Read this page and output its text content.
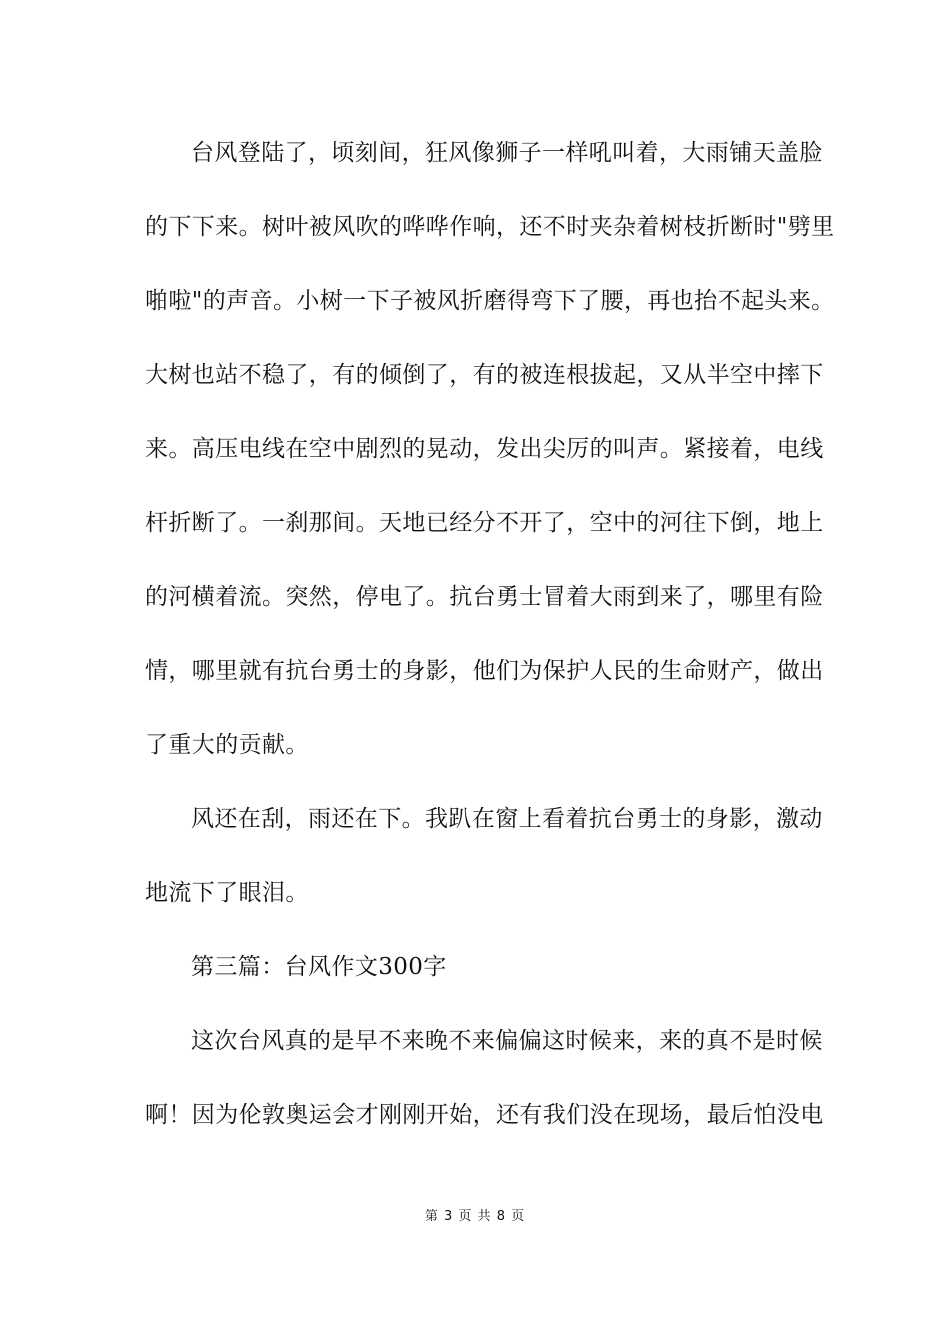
台风登陆了，顷刻间，狂风像狮子一样吼叫着，大雨铺天盖脸
的下下来。树叶被风吹的哗哗作响，还不时夹杂着树枝折断时"劈里
啪啦"的声音。小树一下子被风折磨得弯下了腰，再也抬不起头来。
大树也站不稳了，有的倾倒了，有的被连根拔起，又从半空中摔下
来。高压电线在空中剧烈的晃动，发出尖厉的叫声。紧接着，电线
杆折断了。一刹那间。天地已经分不开了，空中的河往下倒，地上
的河横着流。突然，停电了。抗台勇士冒着大雨到来了，哪里有险
情，哪里就有抗台勇士的身影，他们为保护人民的生命财产，做出
了重大的贡献。
风还在刮，雨还在下。我趴在窗上看着抗台勇士的身影，激动
地流下了眼泪。
第三篇：台风作文300字
这次台风真的是早不来晚不来偏偏这时候来，来的真不是时候
啊！因为伦敦奥运会才刚刚开始，还有我们没在现场，最后怕没电
第 3 页 共 8 页
